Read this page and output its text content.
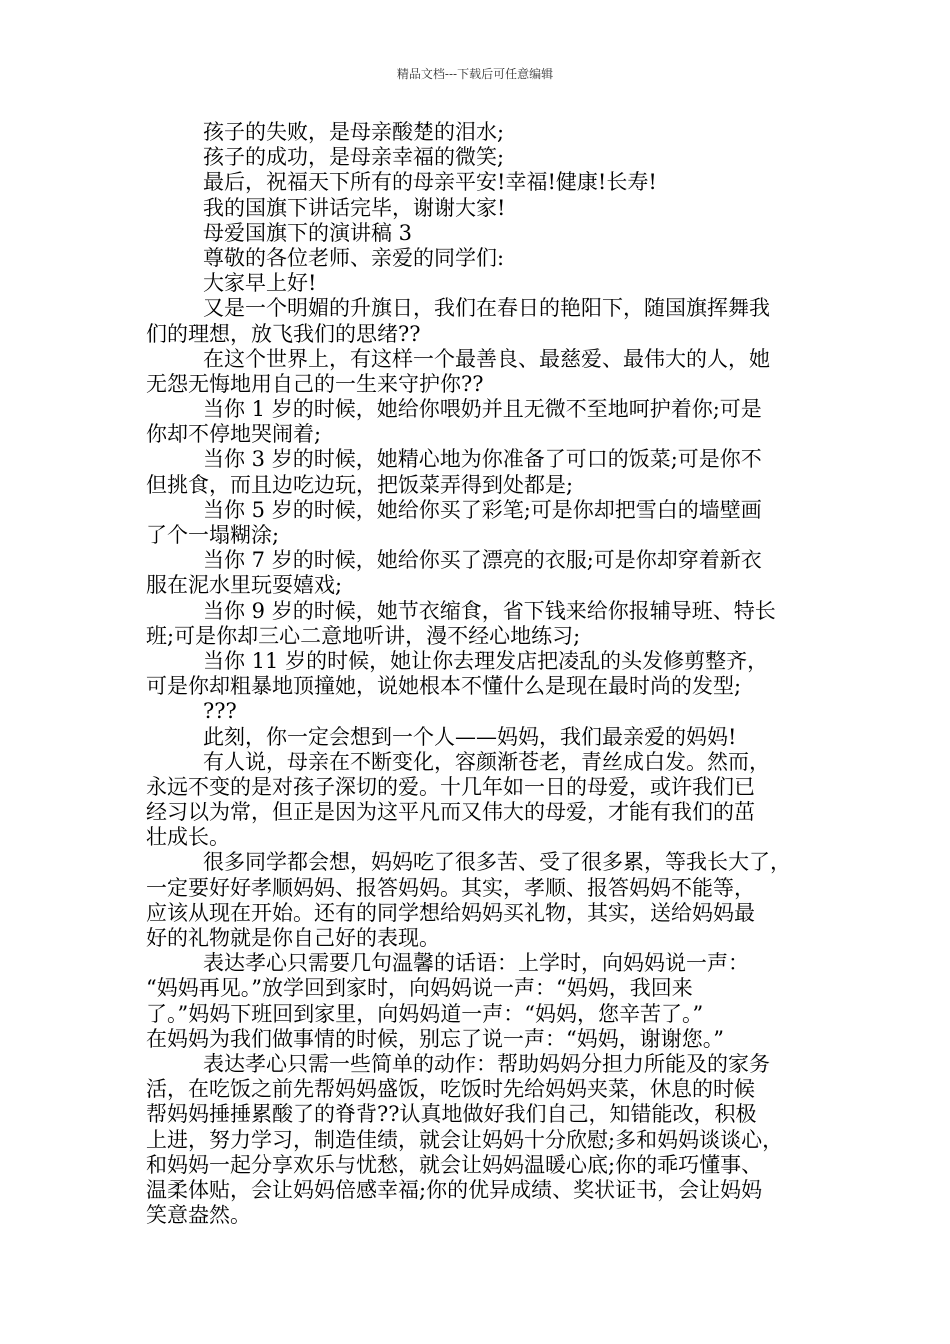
精品文档---下载后可任意编辑
孩子的失败，是母亲酸楚的泪水;
孩子的成功，是母亲幸福的微笑;
最后，祝福天下所有的母亲平安!幸福!健康!长寿!
我的国旗下讲话完毕，谢谢大家!
母爱国旗下的演讲稿 3
尊敬的各位老师、亲爱的同学们:
大家早上好!
又是一个明媚的升旗日，我们在春日的艳阳下，随国旗挥舞我
们的理想，放飞我们的思绪??
在这个世界上，有这样一个最善良、最慈爱、最伟大的人，她
无怨无悔地用自己的一生来守护你??
当你 1 岁的时候，她给你喂奶并且无微不至地呵护着你;可是
你却不停地哭闹着;
当你 3 岁的时候，她精心地为你准备了可口的饭菜;可是你不
但挑食，而且边吃边玩，把饭菜弄得到处都是;
当你 5 岁的时候，她给你买了彩笔;可是你却把雪白的墙壁画
了个一塌糊涂;
当你 7 岁的时候，她给你买了漂亮的衣服;可是你却穿着新衣
服在泥水里玩耍嬉戏;
当你 9 岁的时候，她节衣缩食，省下钱来给你报辅导班、特长
班;可是你却三心二意地听讲，漫不经心地练习;
当你 11 岁的时候，她让你去理发店把凌乱的头发修剪整齐，
可是你却粗暴地顶撞她，说她根本不懂什么是现在最时尚的发型;
???
此刻，你一定会想到一个人——妈妈，我们最亲爱的妈妈!
有人说，母亲在不断变化，容颜渐苍老，青丝成白发。然而，
永远不变的是对孩子深切的爱。十几年如一日的母爱，或许我们已
经习以为常，但正是因为这平凡而又伟大的母爱，才能有我们的茁
壮成长。
很多同学都会想，妈妈吃了很多苦、受了很多累，等我长大了，
一定要好好孝顺妈妈、报答妈妈。其实，孝顺、报答妈妈不能等，
应该从现在开始。还有的同学想给妈妈买礼物，其实，送给妈妈最
好的礼物就是你自己好的表现。
表达孝心只需要几句温馨的话语：上学时，向妈妈说一声：
“妈妈再见。”放学回到家时，向妈妈说一声：“妈妈，我回来
了。”妈妈下班回到家里，向妈妈道一声：“妈妈，您辛苦了。”
在妈妈为我们做事情的时候，别忘了说一声：“妈妈，谢谢您。”
表达孝心只需一些简单的动作：帮助妈妈分担力所能及的家务
活，在吃饭之前先帮妈妈盛饭，吃饭时先给妈妈夹菜，休息的时候
帮妈妈捶捶累酸了的脊背??认真地做好我们自己，知错能改，积极
上进，努力学习，制造佳绩，就会让妈妈十分欣慰;多和妈妈谈谈心，
和妈妈一起分享欢乐与忧愁，就会让妈妈温暖心底;你的乖巧懂事、
温柔体贴，会让妈妈倍感幸福;你的优异成绩、奖状证书，会让妈妈
笑意盎然。
